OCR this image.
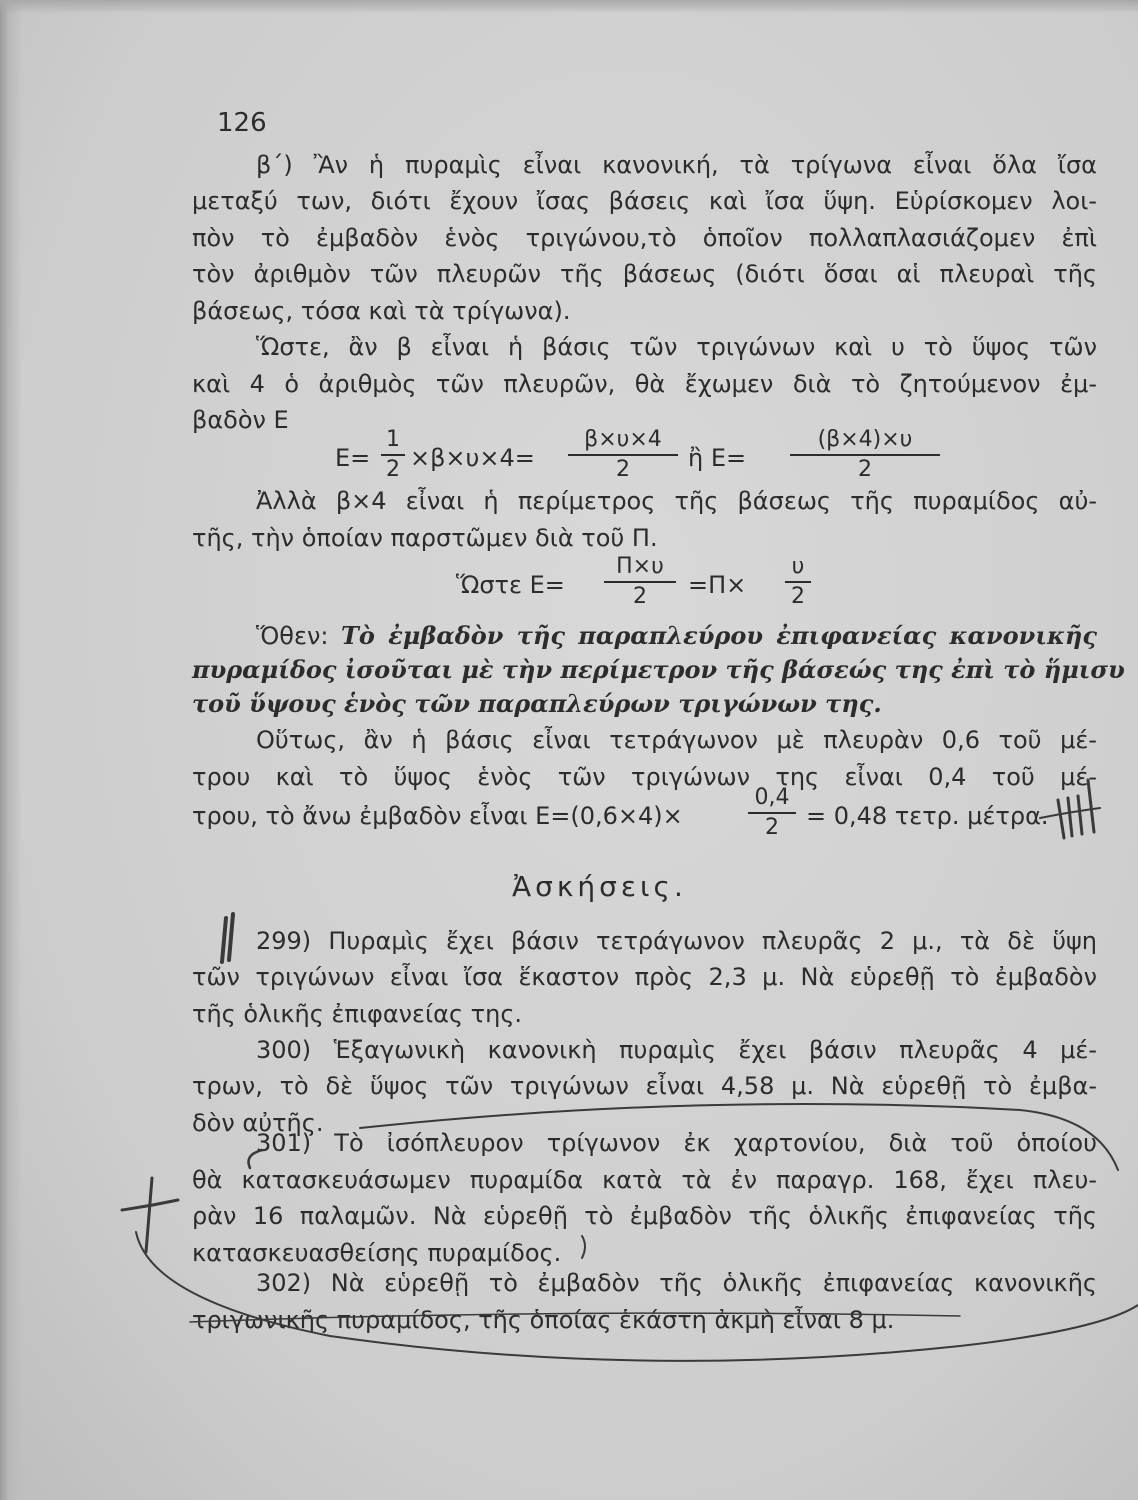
126
β΄) Ἂν ἡ πυραμὶς εἶναι κανονική, τὰ τρίγωνα εἶναι ὅλα ἴσα
μεταξύ των, διότι ἔχουν ἴσας βάσεις καὶ ἴσα ὕψη. Εὑρίσκομεν λοι-
πὸν τὸ ἐμβαδὸν ἑνὸς τριγώνου,τὸ ὁποῖον πολλαπλασιάζομεν ἐπὶ
τὸν ἀριθμὸν τῶν πλευρῶν τῆς βάσεως (διότι ὅσαι αἱ πλευραὶ τῆς
βάσεως, τόσα καὶ τὰ τρίγωνα).
Ὥστε, ἂν β εἶναι ἡ βάσις τῶν τριγώνων καὶ υ τὸ ὕψος τῶν
καὶ 4 ὁ ἀριθμὸς τῶν πλευρῶν, θὰ ἔχωμεν διὰ τὸ ζητούμενον ἐμ-
βαδὸν Ε
Ε=
1
2 ×β×υ×4=
β×υ×4
2	ἢ Ε=
(β×4)×υ
2
Ἀλλὰ β×4 εἶναι ἡ περίμετρος τῆς βάσεως τῆς πυραμίδος αὐ-
τῆς, τὴν ὁποίαν παρστῶμεν διὰ τοῦ Π.
Ὥστε Ε=
Π×υ
2	=Π×
υ
2
Ὅθεν: Τὸ ἐμβαδὸν τῆς παραπλεύρου ἐπιφανείας κανονικῆς
πυραμίδος ἰσοῦται μὲ τὴν περίμετρον τῆς βάσεώς της ἐπὶ τὸ ἥμισυ
τοῦ ὕψους ἑνὸς τῶν παραπλεύρων τριγώνων της.
Οὕτως, ἂν ἡ βάσις εἶναι τετράγωνον μὲ πλευρὰν 0,6 τοῦ μέ-
τρου καὶ τὸ ὕψος ἑνὸς τῶν τριγώνων της εἶναι 0,4 τοῦ μέ-
τρου, τὸ ἄνω ἐμβαδὸν εἶναι Ε=(0,6×4)×
0,4
2	= 0,48 τετρ. μέτρα.
Ἀσκήσεις.
299) Πυραμὶς ἔχει βάσιν τετράγωνον πλευρᾶς 2 μ., τὰ δὲ ὕψη
τῶν τριγώνων εἶναι ἴσα ἕκαστον πρὸς 2,3 μ. Νὰ εὑρεθῇ τὸ ἐμβαδὸν
τῆς ὁλικῆς ἐπιφανείας της.
300) Ἑξαγωνικὴ κανονικὴ πυραμὶς ἔχει βάσιν πλευρᾶς 4 μέ-
τρων, τὸ δὲ ὕψος τῶν τριγώνων εἶναι 4,58 μ. Νὰ εὑρεθῇ τὸ ἐμβα-
δὸν αὐτῆς.
301) Τὸ ἰσόπλευρον τρίγωνον ἐκ χαρτονίου, διὰ τοῦ ὁποίου
θὰ κατασκευάσωμεν πυραμίδα κατὰ τὰ ἐν παραγρ. 168, ἔχει πλευ-
ρὰν 16 παλαμῶν. Νὰ εὑρεθῇ τὸ ἐμβαδὸν τῆς ὁλικῆς ἐπιφανείας τῆς
κατασκευασθείσης πυραμίδος.
302) Νὰ εὑρεθῇ τὸ ἐμβαδὸν τῆς ὁλικῆς ἐπιφανείας κανονικῆς
τριγωνικῆς πυραμίδος, τῆς ὁποίας ἑκάστη ἀκμὴ εἶναι 8 μ.
